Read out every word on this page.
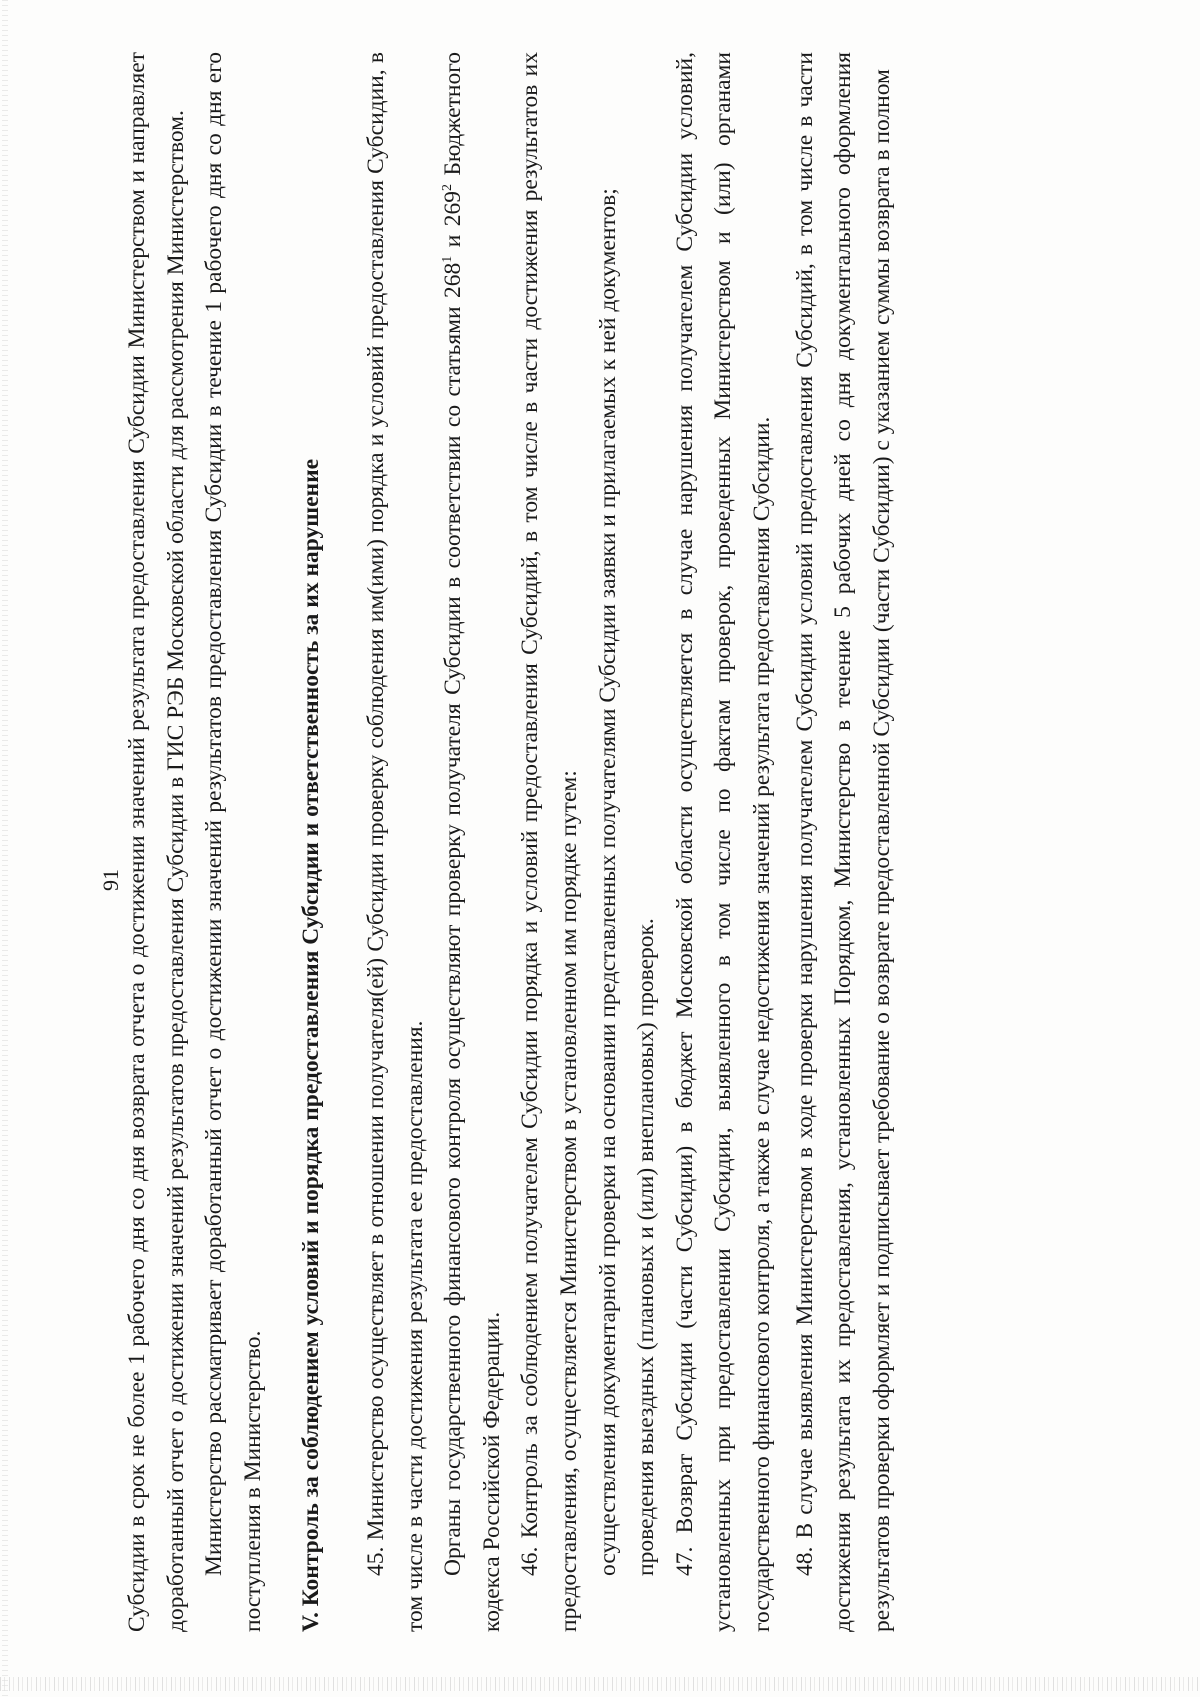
91 Субсидии в срок не более 1 рабочего дня со дня возврата отчета о достижении значений результата предоставления Субсидии Министерством и направляет доработанный отчет о достижении значений результатов предоставления Субсидии в ГИС РЭБ Московской области для рассмотрения Министерством. Министерство рассматривает доработанный отчет о достижении значений результатов предоставления Субсидии в течение 1 рабочего дня со дня его поступления в Министерство. V. Контроль за соблюдением условий и порядка предоставления Субсидии и ответственность за их нарушение 45. Министерство осуществляет в отношении получателя(ей) Субсидии проверку соблюдения им(ими) порядка и условий предоставления Субсидии, в том числе в части достижения результата ее предоставления. Органы государственного финансового контроля осуществляют проверку получателя Субсидии в соответствии со статьями $268^1$ и $269^2$ Бюджетного кодекса Российской Федерации. 46. Контроль за соблюдением получателем Субсидии порядка и условий предоставления Субсидий, в том числе в части достижения результатов их предоставления, осуществляется Министерством в установленном им порядке путем: осуществления документарной проверки на основании представленных получателями Субсидии заявки и прилагаемых к ней документов; проведения выездных (плановых и (или) внеплановых) проверок. 47. Возврат Субсидии (части Субсидии) в бюджет Московской области осуществляется в случае нарушения получателем Субсидии условий, установленных при предоставлении Субсидии, выявленного в том числе по фактам проверок, проведенных Министерством и (или) органами государственного финансового контроля, а также в случае недостижения значений результата предоставления Субсидии. 48. В случае выявления Министерством в ходе проверки нарушения получателем Субсидии условий предоставления Субсидий, в том числе в части достижения результата их предоставления, установленных Порядком, Министерство в течение 5 рабочих дней со дня документального оформления результатов проверки оформляет и подписывает требование о возврате предоставленной Субсидии (части Субсидии) с указанием суммы возврата в полном
